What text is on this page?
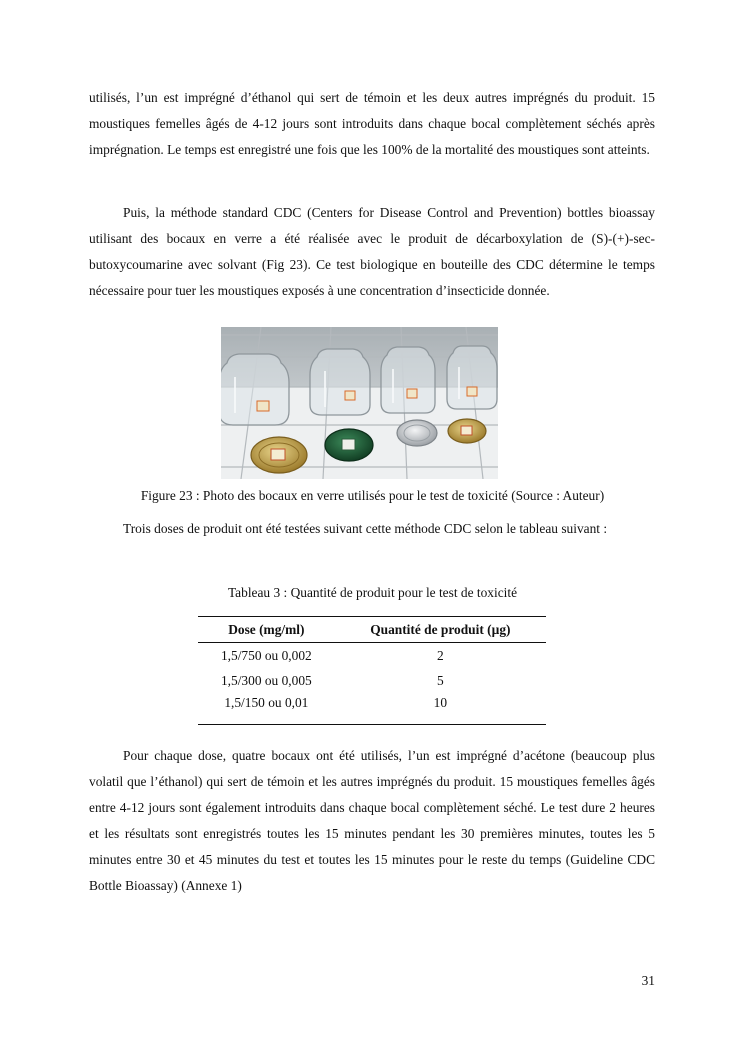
utilisés, l’un est imprégné d’éthanol qui sert de témoin et les deux autres imprégnés du produit. 15 moustiques femelles âgés de 4-12 jours sont introduits dans chaque bocal complètement séchés après imprégnation. Le temps est enregistré une fois que les 100% de la mortalité des moustiques sont atteints.
Puis, la méthode standard CDC (Centers for Disease Control and Prevention) bottles bioassay utilisant des bocaux en verre a été réalisée avec le produit de décarboxylation de (S)-(+)-sec-butoxycoumarine avec solvant (Fig 23). Ce test biologique en bouteille des CDC détermine le temps nécessaire pour tuer les moustiques exposés à une concentration d’insecticide donnée.
Figure 23 : Photo des bocaux en verre utilisés pour le test de toxicité (Source : Auteur)
Trois doses de produit ont été testées suivant cette méthode CDC selon le tableau suivant :
Tableau 3 : Quantité de produit pour le test de toxicité
Dose (mg/ml)	Quantité de produit (µg)
1,5/750 ou 0,002	2
1,5/300 ou 0,005	5
1,5/150 ou 0,01	10
Pour chaque dose, quatre bocaux ont été utilisés, l’un est imprégné d’acétone (beaucoup plus volatil que l’éthanol) qui sert de témoin et les autres imprégnés du produit. 15 moustiques femelles âgés entre 4-12 jours sont également introduits dans chaque bocal complètement séché. Le test dure 2 heures et les résultats sont enregistrés toutes les 15 minutes pendant les 30 premières minutes, toutes les 5 minutes entre 30 et 45 minutes du test et toutes les 15 minutes pour le reste du temps (Guideline CDC Bottle Bioassay) (Annexe 1)
31
